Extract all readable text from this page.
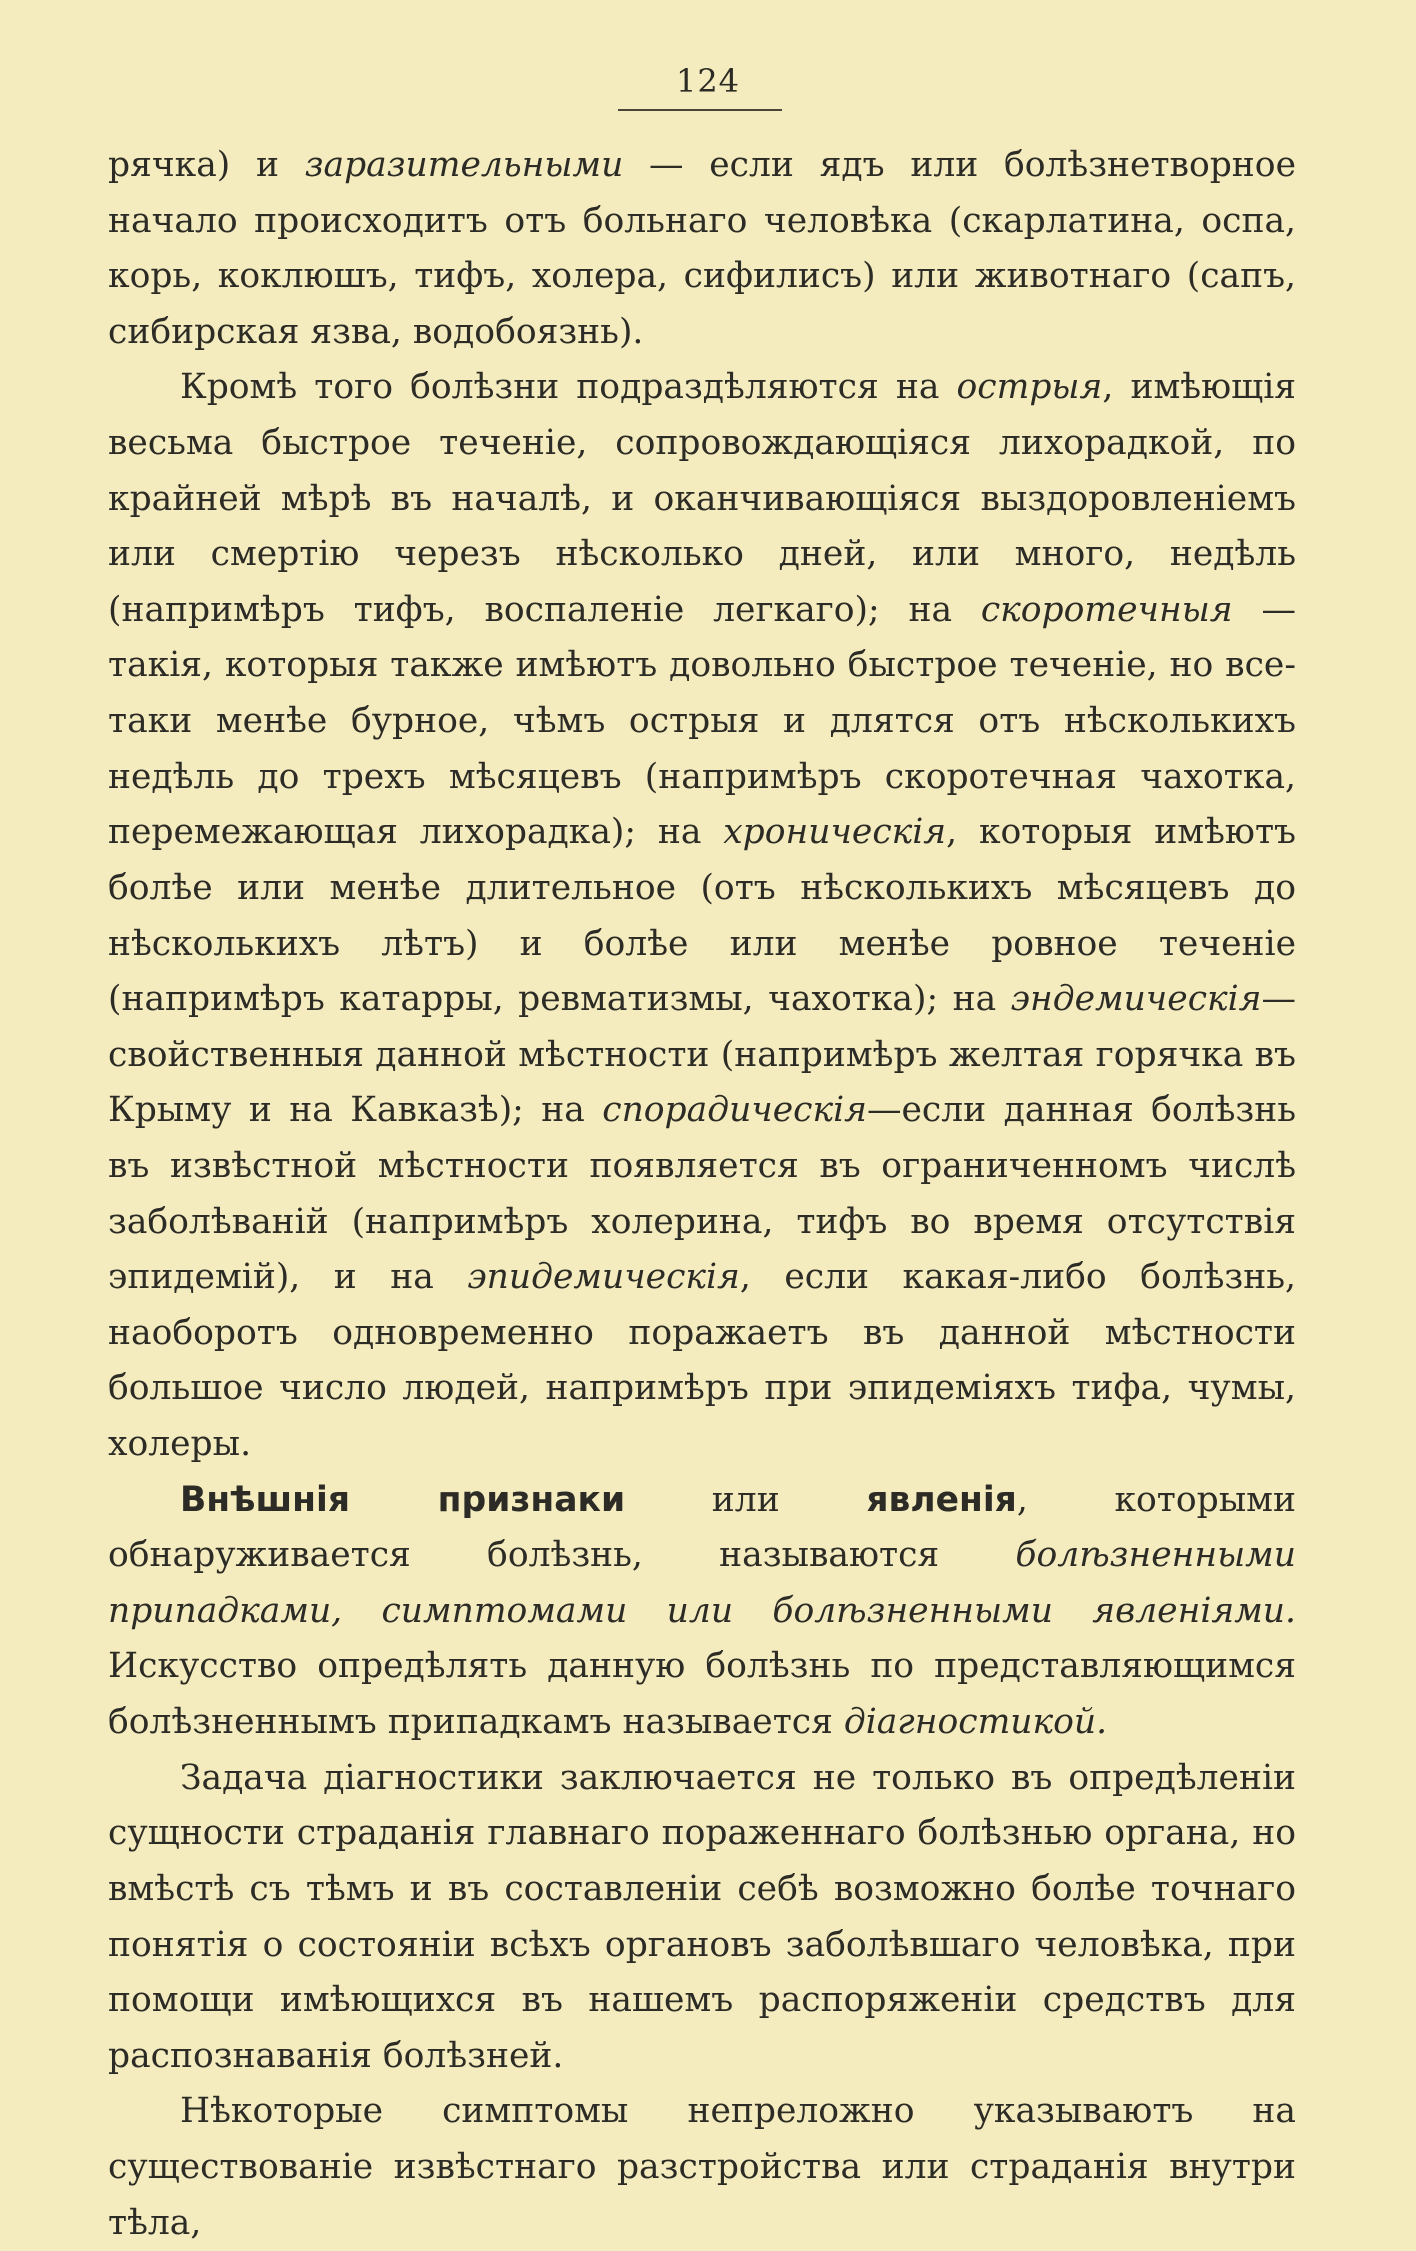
124

рячка) и заразительными — если ядъ или болѣзнетворное начало происходитъ отъ больнаго человѣка (скарлатина, оспа, корь, коклюшъ, тифъ, холера, сифилисъ) или животнаго (сапъ, сибирская язва, водобоязнь).

Кромѣ того болѣзни подраздѣляются на острыя, имѣющія весьма быстрое теченіе, сопровождающіяся лихорадкой, по крайней мѣрѣ въ началѣ, и оканчивающіяся выздоровленіемъ или смертію черезъ нѣсколько дней, или много, недѣль (напримѣръ тифъ, воспаленіе легкаго); на скоротечныя — такія, которыя также имѣютъ довольно быстрое теченіе, но все-таки менѣе бурное, чѣмъ острыя и длятся отъ нѣсколькихъ недѣль до трехъ мѣсяцевъ (напримѣръ скоротечная чахотка, перемежающая лихорадка); на хроническія, которыя имѣютъ болѣе или менѣе длительное (отъ нѣсколькихъ мѣсяцевъ до нѣсколькихъ лѣтъ) и болѣе или менѣе ровное теченіе (напримѣръ катарры, ревматизмы, чахотка); на эндемическія—свойственныя данной мѣстности (напримѣръ желтая горячка въ Крыму и на Кавказѣ); на спорадическія—если данная болѣзнь въ извѣстной мѣстности появляется въ ограниченномъ числѣ заболѣваній (напримѣръ холерина, тифъ во время отсутствія эпидемій), и на эпидемическія, если какая-либо болѣзнь, наоборотъ одновременно поражаетъ въ данной мѣстности большое число людей, напримѣръ при эпидеміяхъ тифа, чумы, холеры.

Внѣшнія признаки или явленія, которыми обнаруживается болѣзнь, называются болѣзненными припадками, симптомами или болѣзненными явленіями. Искусство опредѣлять данную болѣзнь по представляющимся болѣзненнымъ припадкамъ называется діагностикой.

Задача діагностики заключается не только въ опредѣленіи сущности страданія главнаго пораженнаго болѣзнью органа, но вмѣстѣ съ тѣмъ и въ составленіи себѣ возможно болѣе точнаго понятія о состояніи всѣхъ органовъ заболѣвшаго человѣка, при помощи имѣющихся въ нашемъ распоряженіи средствъ для распознаванія болѣзней.

Нѣкоторые симптомы непреложно указываютъ на существованіе извѣстнаго разстройства или страданія внутри тѣла,
